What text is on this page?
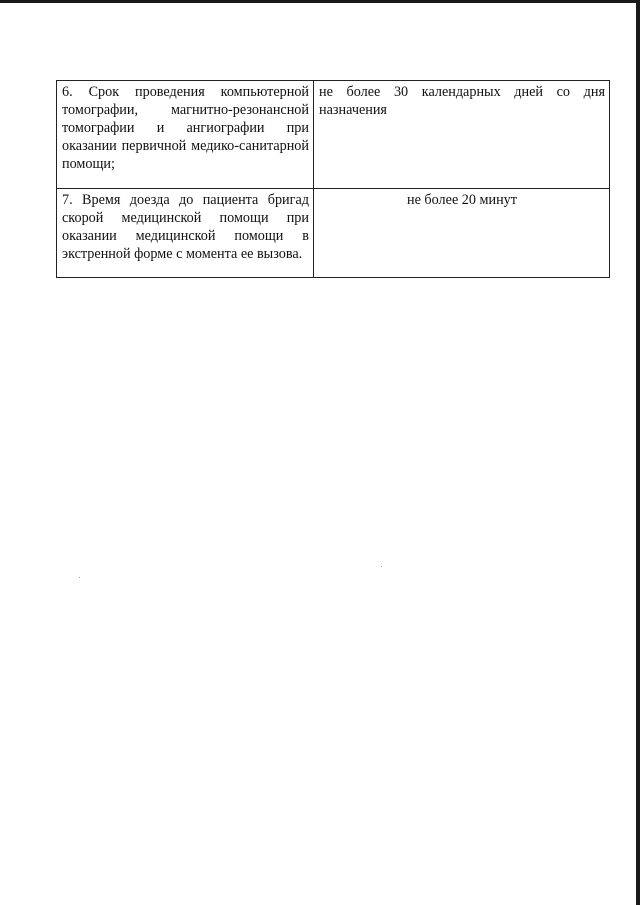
6. Срок проведения компьютерной томографии, магнитно-резонансной томографии и ангиографии при оказании первичной медико-санитарной помощи;	не более 30 календарных дней со дня назначения
7. Время доезда до пациента бригад скорой медицинской помощи при оказании медицинской помощи в экстренной форме с момента ее вызова.	не более 20 минут
